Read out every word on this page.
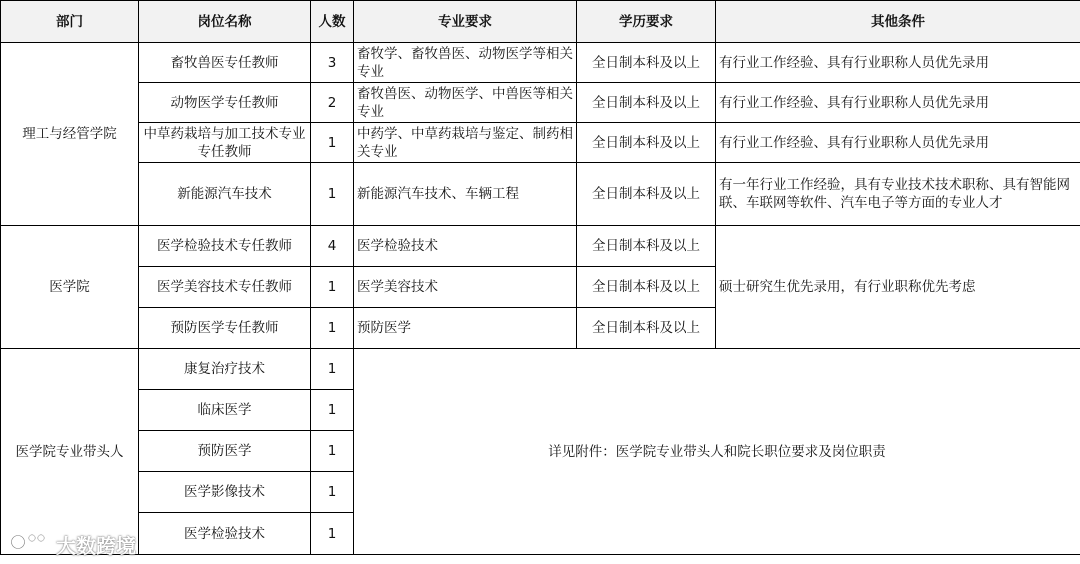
部门	岗位名称	人数	专业要求	学历要求	其他条件
理工与经管学院	畜牧兽医专任教师	3	畜牧学、畜牧兽医、动物医学等相关专业	全日制本科及以上	有行业工作经验、具有行业职称人员优先录用
	动物医学专任教师	2	畜牧兽医、动物医学、中兽医等相关专业	全日制本科及以上	有行业工作经验、具有行业职称人员优先录用
	中草药栽培与加工技术专业专任教师	1	中药学、中草药栽培与鉴定、制药相关专业	全日制本科及以上	有行业工作经验、具有行业职称人员优先录用
	新能源汽车技术	1	新能源汽车技术、车辆工程	全日制本科及以上	有一年行业工作经验，具有专业技术技术职称、具有智能网联、车联网等软件、汽车电子等方面的专业人才
医学院	医学检验技术专任教师	4	医学检验技术	全日制本科及以上	硕士研究生优先录用，有行业职称优先考虑
	医学美容技术专任教师	1	医学美容技术	全日制本科及以上	
	预防医学专任教师	1	预防医学	全日制本科及以上	
医学院专业带头人	康复治疗技术	1	详见附件：医学院专业带头人和院长职位要求及岗位职责		
	临床医学	1			
	预防医学	1			
	医学影像技术	1			
	医学检验技术	1			
大数跨境
